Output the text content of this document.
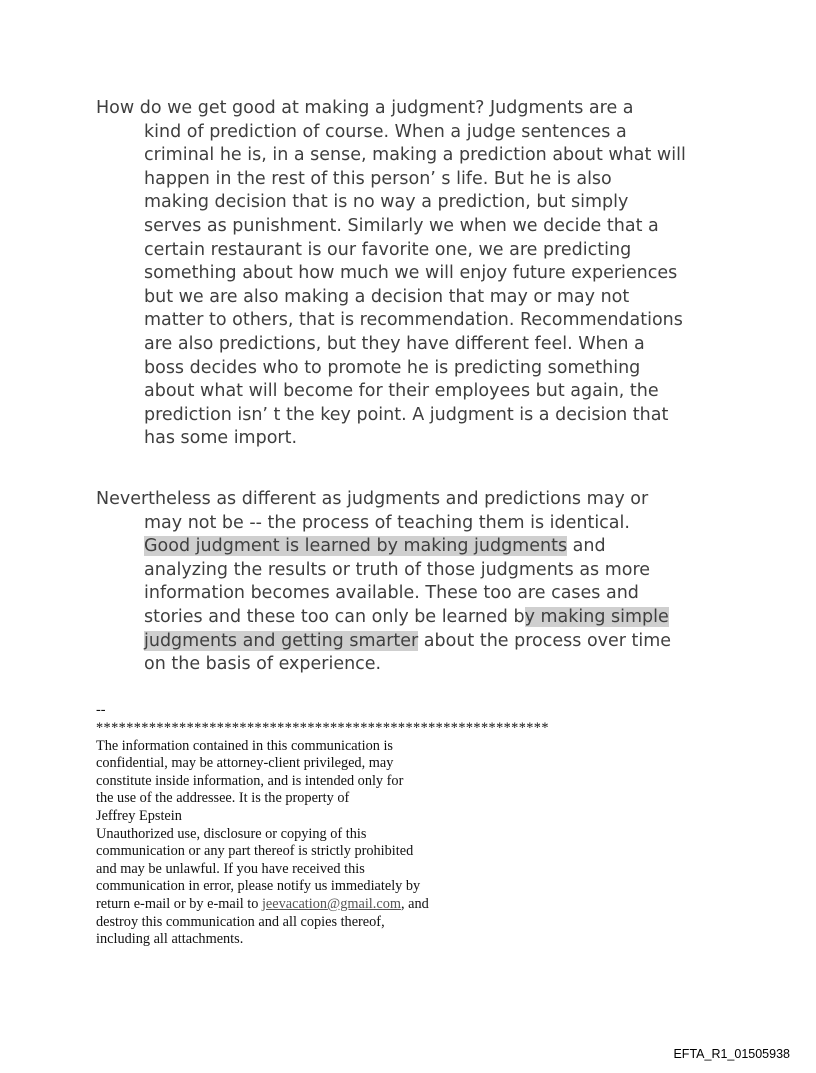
How do we get good at making a judgment? Judgments are a
kind of prediction of course. When a judge sentences a
criminal he is, in a sense, making a prediction about what will
happen in the rest of this person’ s life. But he is also
making decision that is no way a prediction, but simply
serves as punishment. Similarly we when we decide that a
certain restaurant is our favorite one, we are predicting
something about how much we will enjoy future experiences
but we are also making a decision that may or may not
matter to others, that is recommendation. Recommendations
are also predictions, but they have different feel. When a
boss decides who to promote he is predicting something
about what will become for their employees but again, the
prediction isn’ t the key point. A judgment is a decision that
has some import.
Nevertheless as different as judgments and predictions may or
may not be -- the process of teaching them is identical.
Good judgment is learned by making judgments and
analyzing the results or truth of those judgments as more
information becomes available. These too are cases and
stories and these too can only be learned by making simple
judgments and getting smarter about the process over time
on the basis of experience.
--
************************************************************
The information contained in this communication is
confidential, may be attorney-client privileged, may
constitute inside information, and is intended only for
the use of the addressee. It is the property of
Jeffrey Epstein
Unauthorized use, disclosure or copying of this
communication or any part thereof is strictly prohibited
and may be unlawful. If you have received this
communication in error, please notify us immediately by
return e-mail or by e-mail to jeevacation@gmail.com, and
destroy this communication and all copies thereof,
including all attachments.
EFTA_R1_01505938
